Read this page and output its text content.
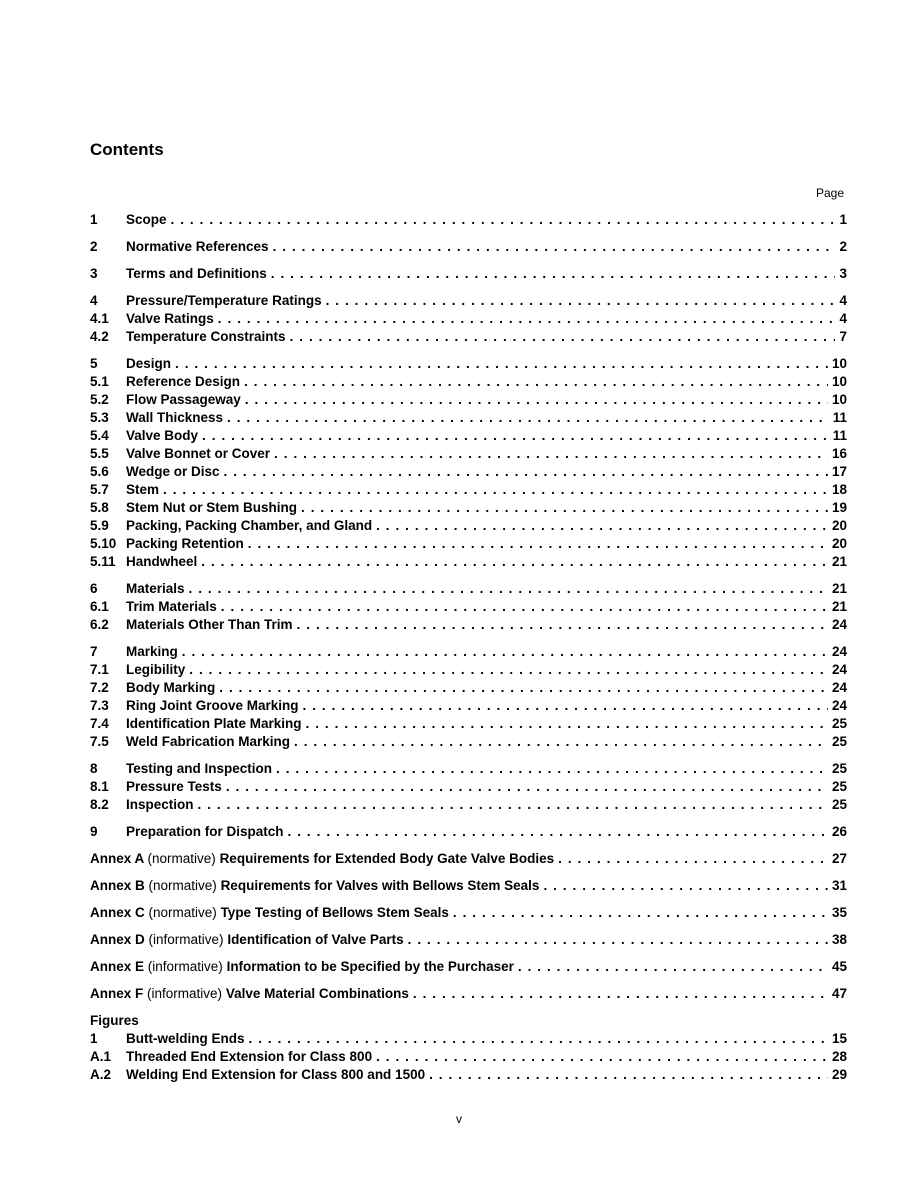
Contents
Page
1	Scope . . .	1
2	Normative References . . .	2
3	Terms and Definitions . . .	3
4	Pressure/Temperature Ratings . . .	4
4.1	Valve Ratings . . .	4
4.2	Temperature Constraints . . .	7
5	Design . . .	10
5.1	Reference Design . . .	10
5.2	Flow Passageway . . .	10
5.3	Wall Thickness . . .	11
5.4	Valve Body . . .	11
5.5	Valve Bonnet or Cover . . .	16
5.6	Wedge or Disc . . .	17
5.7	Stem . . .	18
5.8	Stem Nut or Stem Bushing . . .	19
5.9	Packing, Packing Chamber, and Gland . . .	20
5.10 Packing Retention . . .	20
5.11 Handwheel . . .	21
6	Materials . . .	21
6.1	Trim Materials . . .	21
6.2	Materials Other Than Trim . . .	24
7	Marking . . .	24
7.1	Legibility . . .	24
7.2	Body Marking . . .	24
7.3	Ring Joint Groove Marking . . .	24
7.4	Identification Plate Marking . . .	25
7.5	Weld Fabrication Marking . . .	25
8	Testing and Inspection . . .	25
8.1	Pressure Tests . . .	25
8.2	Inspection . . .	25
9	Preparation for Dispatch . . .	26
Annex A (normative) Requirements for Extended Body Gate Valve Bodies . . .	27
Annex B (normative) Requirements for Valves with Bellows Stem Seals . . .	31
Annex C (normative) Type Testing of Bellows Stem Seals . . .	35
Annex D (informative) Identification of Valve Parts . . .	38
Annex E (informative) Information to be Specified by the Purchaser . . .	45
Annex F (informative) Valve Material Combinations . . .	47
Figures
1	Butt-welding Ends . . .	15
A.1	Threaded End Extension for Class 800 . . .	28
A.2	Welding End Extension for Class 800 and 1500 . . .	29
v
